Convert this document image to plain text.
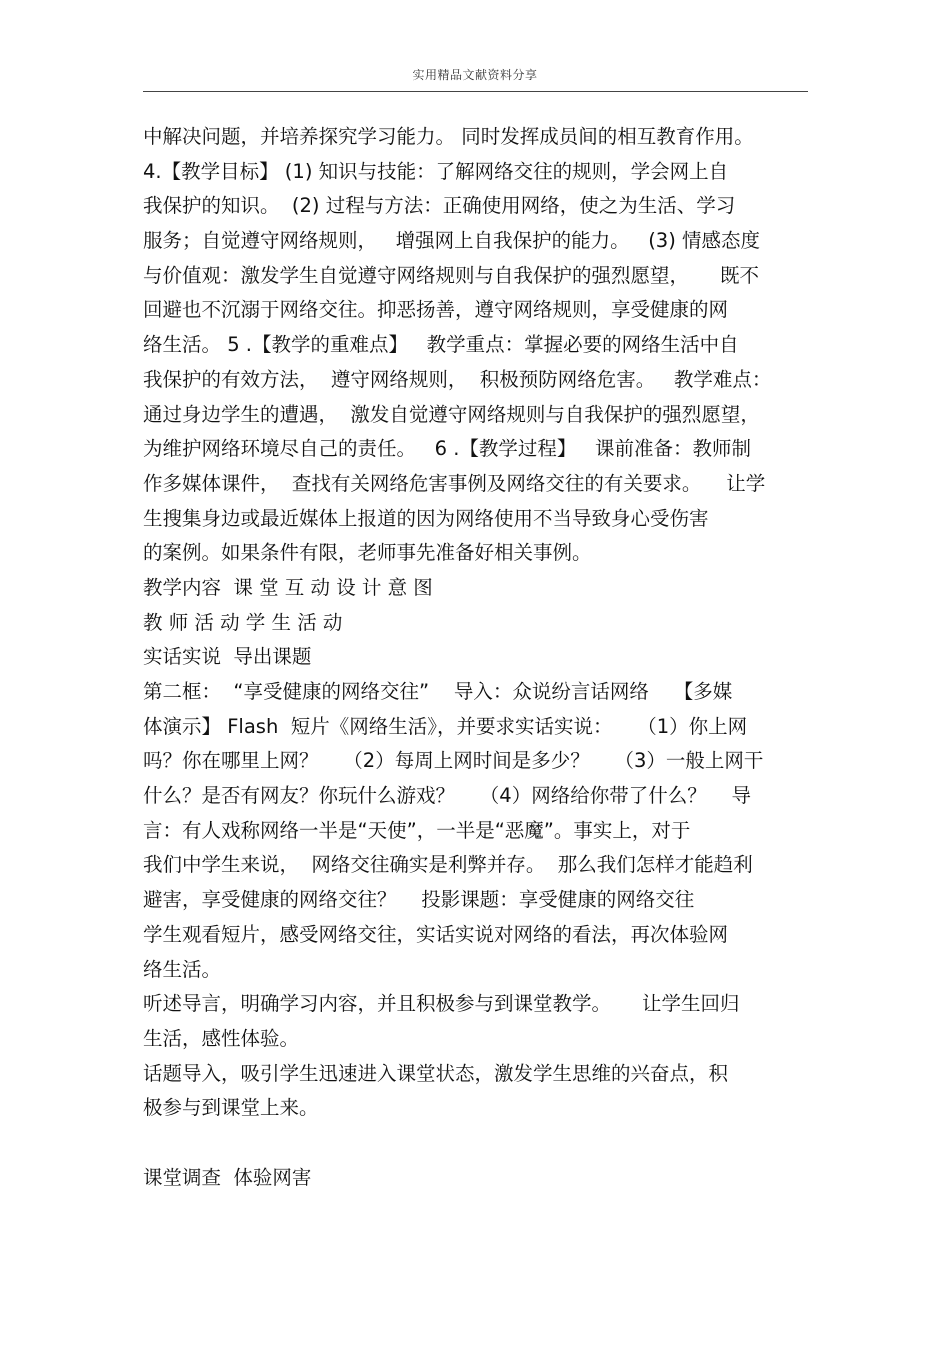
实用精品文献资料分享
中解决问题，并培养探究学习能力。 同时发挥成员间的相互教育作用。
4.【教学目标】 (1) 知识与技能：了解网络交往的规则，学会网上自
我保护的知识。  (2) 过程与方法：正确使用网络，使之为生活、学习
服务；自觉遵守网络规则，   增强网上自我保护的能力。   (3) 情感态度
与价值观：激发学生自觉遵守网络规则与自我保护的强烈愿望，     既不
回避也不沉溺于网络交往。抑恶扬善，遵守网络规则，享受健康的网
络生活。 5 .【教学的重难点】   教学重点：掌握必要的网络生活中自
我保护的有效方法，  遵守网络规则，  积极预防网络危害。   教学难点：
通过身边学生的遭遇，  激发自觉遵守网络规则与自我保护的强烈愿望，
为维护网络环境尽自己的责任。   6 .【教学过程】   课前准备：教师制
作多媒体课件，  查找有关网络危害事例及网络交往的有关要求。    让学
生搜集身边或最近媒体上报道的因为网络使用不当导致身心受伤害
的案例。如果条件有限，老师事先准备好相关事例。
教学内容  课 堂 互 动 设 计 意 图
教 师 活 动 学 生 活 动
实话实说  导出课题
第二框：  “享受健康的网络交往”    导入：众说纷言话网络    【多媒
体演示】 Flash  短片《网络生活》，并要求实话实说：    （1）你上网
吗？你在哪里上网？    （2）每周上网时间是多少？    （3）一般上网干
什么？是否有网友？你玩什么游戏？    （4）网络给你带了什么？    导
言：有人戏称网络一半是“天使”，一半是“恶魔”。事实上，对于
我们中学生来说，  网络交往确实是利弊并存。  那么我们怎样才能趋利
避害，享受健康的网络交往？    投影课题：享受健康的网络交往
学生观看短片，感受网络交往，实话实说对网络的看法，再次体验网
络生活。
听述导言，明确学习内容，并且积极参与到课堂教学。     让学生回归
生活，感性体验。
话题导入，吸引学生迅速进入课堂状态，激发学生思维的兴奋点，积
极参与到课堂上来。
课堂调查  体验网害
